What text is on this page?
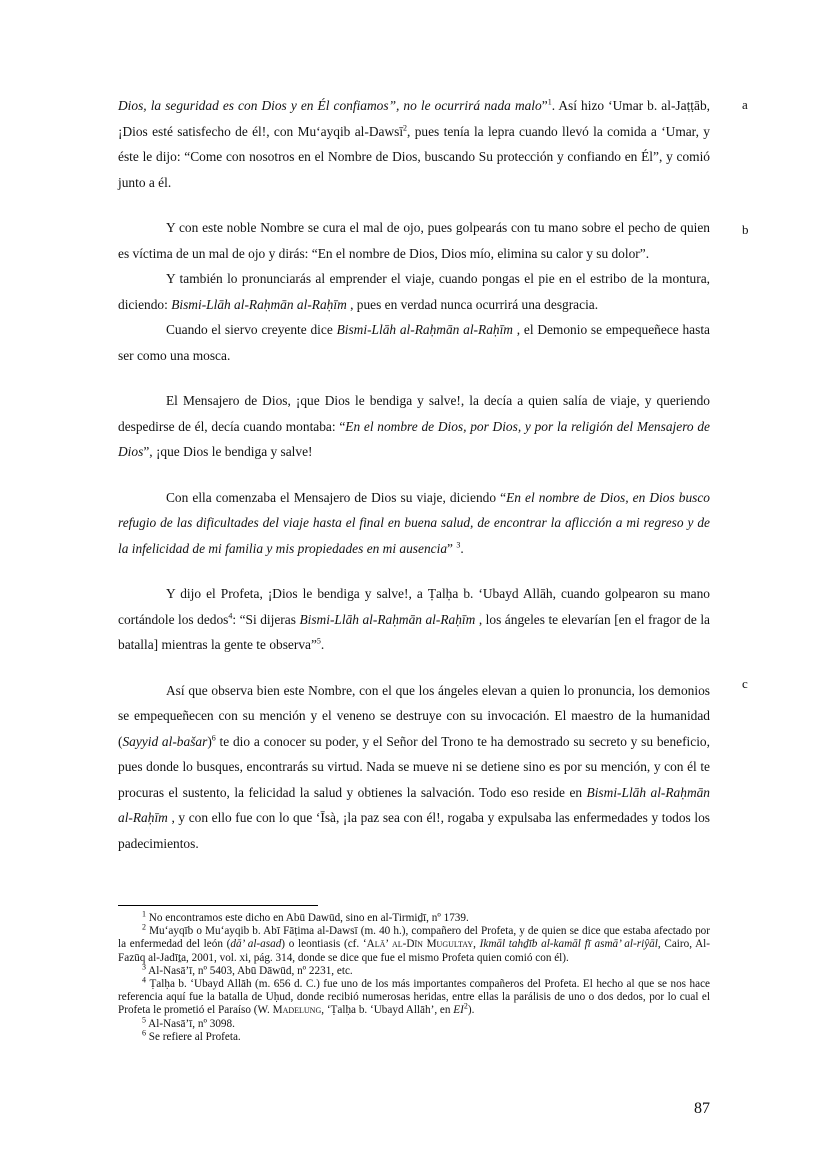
a
b
c

Dios, la seguridad es con Dios y en Él confiamos”, no le ocurrirá nada malo”$^1$. Así hizo ‘Umar b. al-Jaṭṭāb, ¡Dios esté satisfecho de él!, con Mu‘ayqib al-Dawsī$^2$, pues tenía la lepra cuando llevó la comida a ‘Umar, y éste le dijo: “Come con nosotros en el Nombre de Dios, buscando Su protección y confiando en Él”, y comió junto a él.

Y con este noble Nombre se cura el mal de ojo, pues golpearás con tu mano sobre el pecho de quien es víctima de un mal de ojo y dirás: “En el nombre de Dios, Dios mío, elimina su calor y su dolor”.

Y también lo pronunciarás al emprender el viaje, cuando pongas el pie en el estribo de la montura, diciendo: Bismi-Llāh al-Raḥmān al-Raḥīm , pues en verdad nunca ocurrirá una desgracia.

Cuando el siervo creyente dice Bismi-Llāh al-Raḥmān al-Raḥīm , el Demonio se empequeñece hasta ser como una mosca.

El Mensajero de Dios, ¡que Dios le bendiga y salve!, la decía a quien salía de viaje, y queriendo despedirse de él, decía cuando montaba: “En el nombre de Dios, por Dios, y por la religión del Mensajero de Dios”, ¡que Dios le bendiga y salve!

Con ella comenzaba el Mensajero de Dios su viaje, diciendo “En el nombre de Dios, en Dios busco refugio de las dificultades del viaje hasta el final en buena salud, de encontrar la aflicción a mi regreso y de la infelicidad de mi familia y mis propiedades en mi ausencia” $^3$.

Y dijo el Profeta, ¡Dios le bendiga y salve!, a Ṭalḥa b. ‘Ubayd Allāh, cuando golpearon su mano cortándole los dedos$^4$: “Si dijeras Bismi-Llāh al-Raḥmān al-Raḥīm , los ángeles te elevarían [en el fragor de la batalla] mientras la gente te observa”$^5$.

Así que observa bien este Nombre, con el que los ángeles elevan a quien lo pronuncia, los demonios se empequeñecen con su mención y el veneno se destruye con su invocación. El maestro de la humanidad (Sayyid al-bašar)$^6$ te dio a conocer su poder, y el Señor del Trono te ha demostrado su secreto y su beneficio, pues donde lo busques, encontrarás su virtud. Nada se mueve ni se detiene sino es por su mención, y con él te procuras el sustento, la felicidad la salud y obtienes la salvación. Todo eso reside en Bismi-Llāh al-Raḥmān al-Raḥīm , y con ello fue con lo que ‘Īsà, ¡la paz sea con él!, rogaba y expulsaba las enfermedades y todos los padecimientos.

$^1$ No encontramos este dicho en Abū Dawūd, sino en al-Tirmiḏī, nº 1739.

$^2$ Mu‘ayqīb o Mu‘ayqib b. Abī Fāṭima al-Dawsī (m. 40 h.), compañero del Profeta, y de quien se dice que estaba afectado por la enfermedad del león (dā’ al-asad) o leontiasis (cf. ‘Alā’ al-Dīn Mugultay, Ikmāl tahḏīb al-kamāl fī asmā’ al-riŷāl, Cairo, Al-Fazūq al-Jadīṯa, 2001, vol. xi, pág. 314, donde se dice que fue el mismo Profeta quien comió con él).

$^3$ Al-Nasā’ī, nº 5403, Abū Dāwūd, nº 2231, etc.

$^4$ Ṭalḥa b. ‘Ubayd Allāh (m. 656 d. C.) fue uno de los más importantes compañeros del Profeta. El hecho al que se nos hace referencia aquí fue la batalla de Uḥud, donde recibió numerosas heridas, entre ellas la parálisis de uno o dos dedos, por lo cual el Profeta le prometió el Paraíso (W. Madelung, ‘Ṭalḥa b. ‘Ubayd Allāh’, en $EI^2$).

$^5$ Al-Nasā’ī, nº 3098.

$^6$ Se refiere al Profeta.

87
